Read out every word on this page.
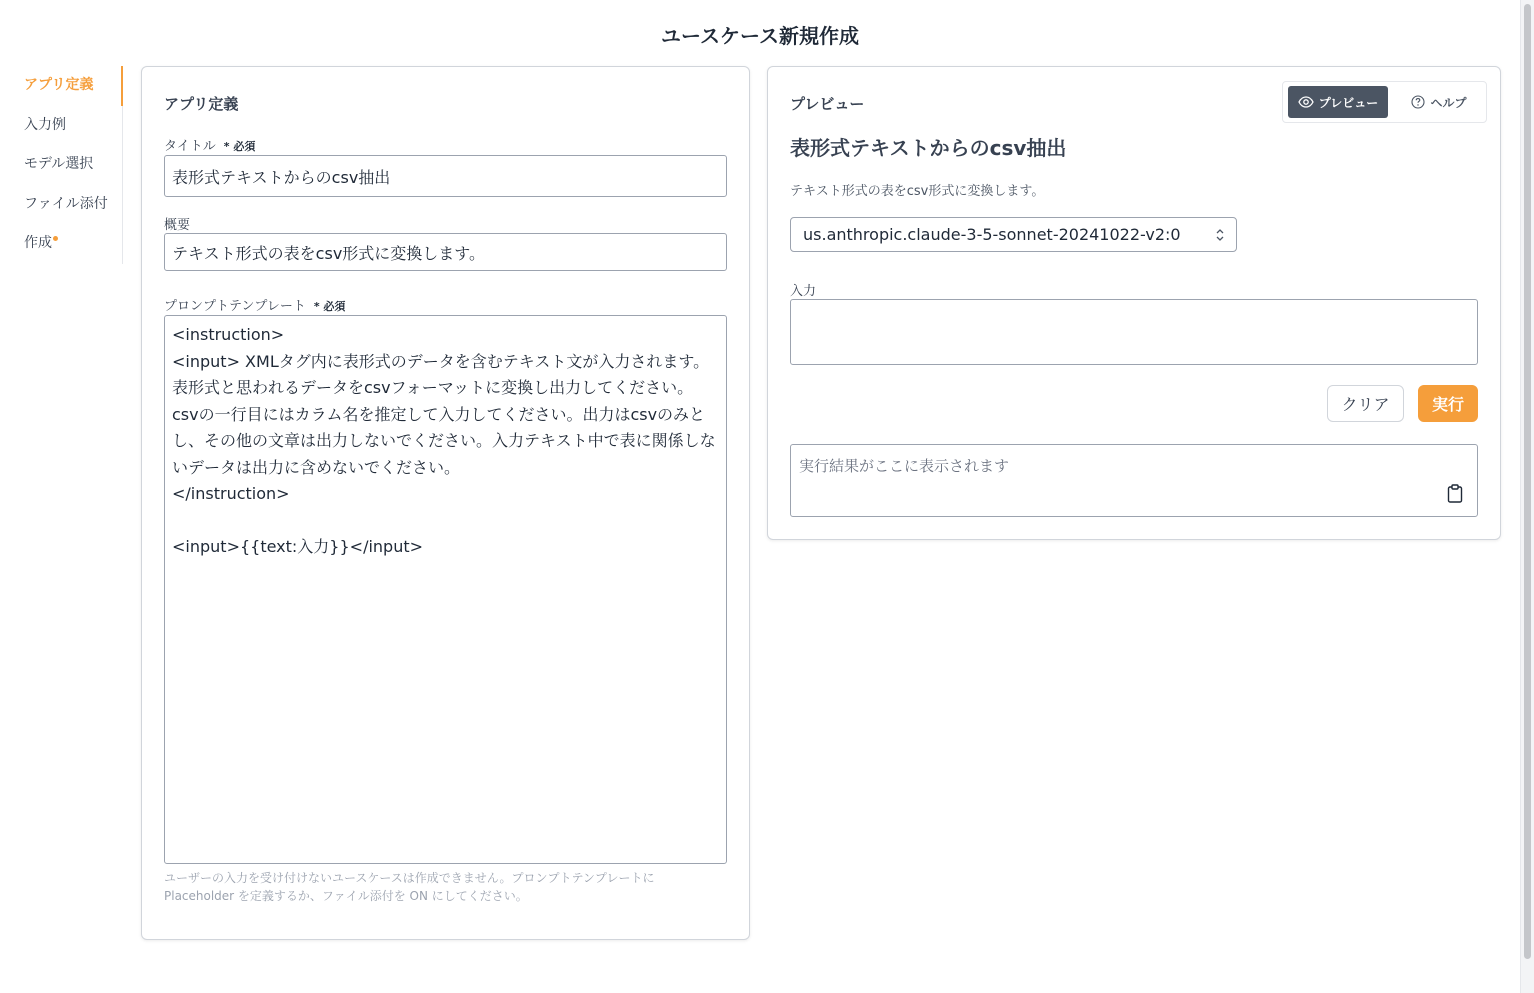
ユースケース新規作成
アプリ定義
入力例
モデル選択
ファイル添付
作成
アプリ定義
タイトル * 必須
表形式テキストからのcsv抽出
概要
テキスト形式の表をcsv形式に変換します。
プロンプトテンプレート * 必須
<instruction>
<input> XMLタグ内に表形式のデータを含むテキスト文が入力されます。表形式と思われるデータをcsvフォーマットに変換し出力してください。csvの一行目にはカラム名を推定して入力してください。出力はcsvのみとし、その他の文章は出力しないでください。入力テキスト中で表に関係しないデータは出力に含めないでください。
</instruction>

<input>{{text:入力}}</input>
ユーザーの入力を受け付けないユースケースは作成できません。プロンプトテンプレートに
Placeholder を定義するか、ファイル添付を ON にしてください。
プレビュー	プレビュー	ヘルプ
表形式テキストからのcsv抽出
テキスト形式の表をcsv形式に変換します。
us.anthropic.claude-3-5-sonnet-20241022-v2:0
入力
クリア	実行
実行結果がここに表示されます
